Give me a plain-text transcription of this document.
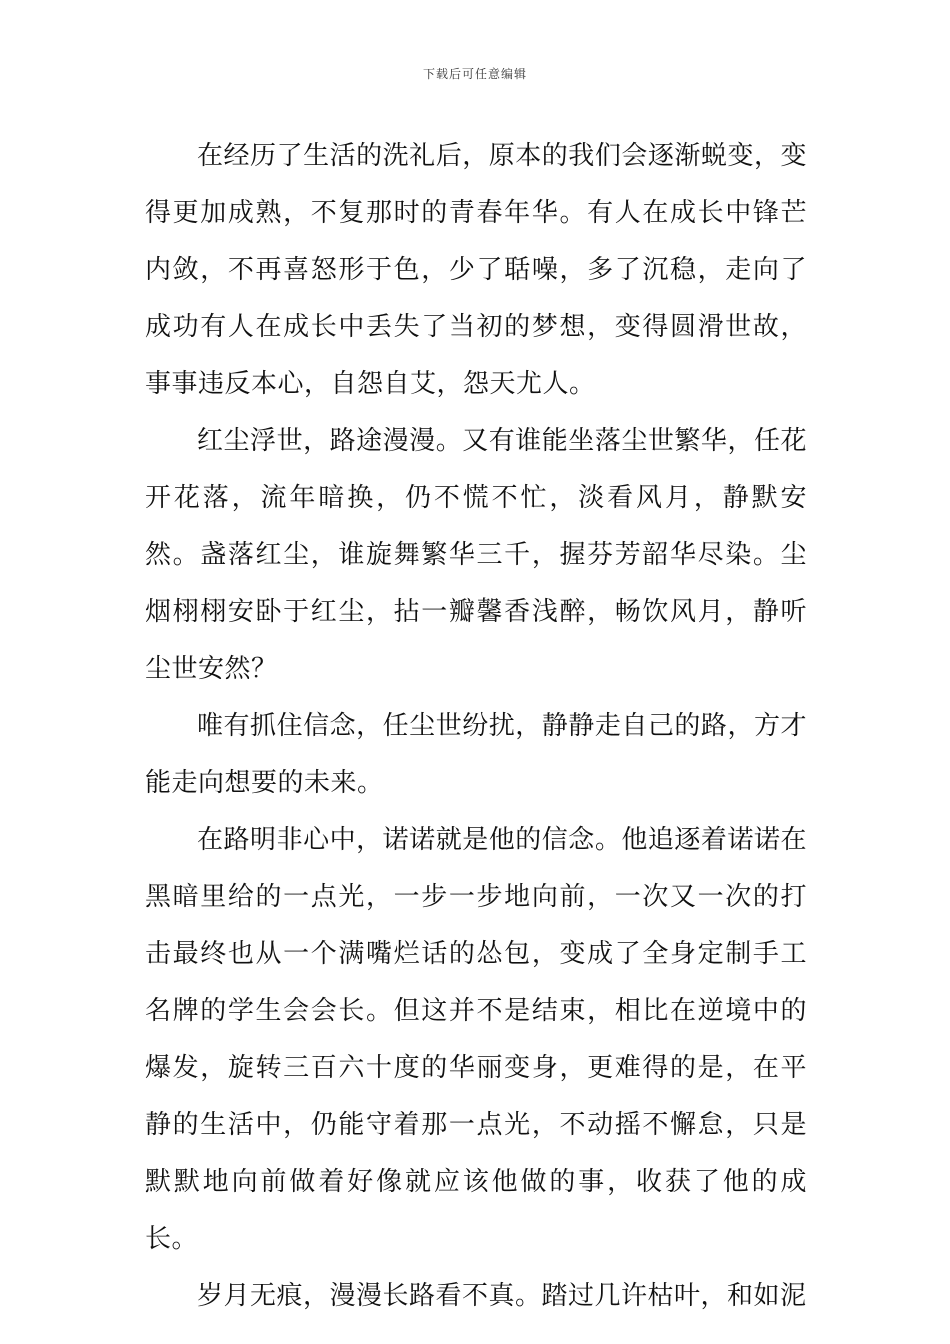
下载后可任意编辑

在经历了生活的洗礼后，原本的我们会逐渐蜕变，变得更加成熟，不复那时的青春年华。有人在成长中锋芒内敛，不再喜怒形于色，少了聒噪，多了沉稳，走向了成功有人在成长中丢失了当初的梦想，变得圆滑世故，事事违反本心，自怨自艾，怨天尤人。

红尘浮世，路途漫漫。又有谁能坐落尘世繁华，任花开花落，流年暗换，仍不慌不忙，淡看风月，静默安然。盏落红尘，谁旋舞繁华三千，握芬芳韶华尽染。尘烟栩栩安卧于红尘，拈一瓣馨香浅醉，畅饮风月，静听尘世安然？

唯有抓住信念，任尘世纷扰，静静走自己的路，方才能走向想要的未来。

在路明非心中，诺诺就是他的信念。他追逐着诺诺在黑暗里给的一点光，一步一步地向前，一次又一次的打击最终也从一个满嘴烂话的怂包，变成了全身定制手工名牌的学生会会长。但这并不是结束，相比在逆境中的爆发，旋转三百六十度的华丽变身，更难得的是，在平静的生活中，仍能守着那一点光，不动摇不懈怠，只是默默地向前做着好像就应该他做的事，收获了他的成长。

岁月无痕，漫漫长路看不真。踏过几许枯叶，和如泥
